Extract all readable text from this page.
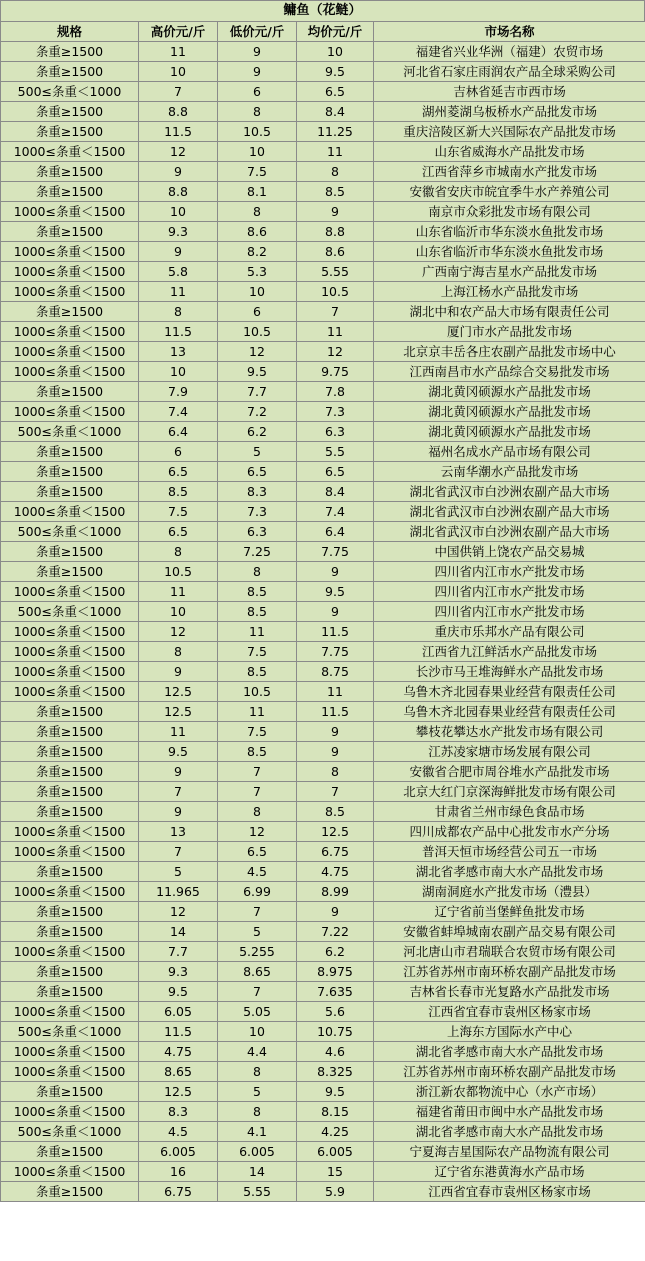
鳙鱼（花鲢）
规格	高价元/斤	低价元/斤	均价元/斤	市场名称
条重≥1500	11	9	10	福建省兴业华洲（福建）农贸市场
条重≥1500	10	9	9.5	河北省石家庄雨润农产品全球采购公司
500≤条重＜1000	7	6	6.5	吉林省延吉市西市场
条重≥1500	8.8	8	8.4	湖州菱湖乌板桥水产品批发市场
条重≥1500	11.5	10.5	11.25	重庆涪陵区新大兴国际农产品批发市场
1000≤条重＜1500	12	10	11	山东省威海水产品批发市场
条重≥1500	9	7.5	8	江西省萍乡市城南水产批发市场
条重≥1500	8.8	8.1	8.5	安徽省安庆市皖宜季牛水产养殖公司
1000≤条重＜1500	10	8	9	南京市众彩批发市场有限公司
条重≥1500	9.3	8.6	8.8	山东省临沂市华东淡水鱼批发市场
1000≤条重＜1500	9	8.2	8.6	山东省临沂市华东淡水鱼批发市场
1000≤条重＜1500	5.8	5.3	5.55	广西南宁海吉星水产品批发市场
1000≤条重＜1500	11	10	10.5	上海江杨水产品批发市场
条重≥1500	8	6	7	湖北中和农产品大市场有限责任公司
1000≤条重＜1500	11.5	10.5	11	厦门市水产品批发市场
1000≤条重＜1500	13	12	12	北京京丰岳各庄农副产品批发市场中心
1000≤条重＜1500	10	9.5	9.75	江西南昌市水产品综合交易批发市场
条重≥1500	7.9	7.7	7.8	湖北黄冈硕源水产品批发市场
1000≤条重＜1500	7.4	7.2	7.3	湖北黄冈硕源水产品批发市场
500≤条重＜1000	6.4	6.2	6.3	湖北黄冈硕源水产品批发市场
条重≥1500	6	5	5.5	福州名成水产品市场有限公司
条重≥1500	6.5	6.5	6.5	云南华潮水产品批发市场
条重≥1500	8.5	8.3	8.4	湖北省武汉市白沙洲农副产品大市场
1000≤条重＜1500	7.5	7.3	7.4	湖北省武汉市白沙洲农副产品大市场
500≤条重＜1000	6.5	6.3	6.4	湖北省武汉市白沙洲农副产品大市场
条重≥1500	8	7.25	7.75	中国供销上饶农产品交易城
条重≥1500	10.5	8	9	四川省内江市水产批发市场
1000≤条重＜1500	11	8.5	9.5	四川省内江市水产批发市场
500≤条重＜1000	10	8.5	9	四川省内江市水产批发市场
1000≤条重＜1500	12	11	11.5	重庆市乐邦水产品有限公司
1000≤条重＜1500	8	7.5	7.75	江西省九江鲜活水产品批发市场
1000≤条重＜1500	9	8.5	8.75	长沙市马王堆海鲜水产品批发市场
1000≤条重＜1500	12.5	10.5	11	乌鲁木齐北园春果业经营有限责任公司
条重≥1500	12.5	11	11.5	乌鲁木齐北园春果业经营有限责任公司
条重≥1500	11	7.5	9	攀枝花攀达水产批发市场有限公司
条重≥1500	9.5	8.5	9	江苏凌家塘市场发展有限公司
条重≥1500	9	7	8	安徽省合肥市周谷堆水产品批发市场
条重≥1500	7	7	7	北京大红门京深海鲜批发市场有限公司
条重≥1500	9	8	8.5	甘肃省兰州市绿色食品市场
1000≤条重＜1500	13	12	12.5	四川成都农产品中心批发市水产分场
1000≤条重＜1500	7	6.5	6.75	普洱天恒市场经营公司五一市场
条重≥1500	5	4.5	4.75	湖北省孝感市南大水产品批发市场
1000≤条重＜1500	11.965	6.99	8.99	湖南洞庭水产批发市场（澧县）
条重≥1500	12	7	9	辽宁省前当堡鲜鱼批发市场
条重≥1500	14	5	7.22	安徽省蚌埠城南农副产品交易有限公司
1000≤条重＜1500	7.7	5.255	6.2	河北唐山市君瑞联合农贸市场有限公司
条重≥1500	9.3	8.65	8.975	江苏省苏州市南环桥农副产品批发市场
条重≥1500	9.5	7	7.635	吉林省长春市光复路水产品批发市场
1000≤条重＜1500	6.05	5.05	5.6	江西省宜春市袁州区杨家市场
500≤条重＜1000	11.5	10	10.75	上海东方国际水产中心
1000≤条重＜1500	4.75	4.4	4.6	湖北省孝感市南大水产品批发市场
1000≤条重＜1500	8.65	8	8.325	江苏省苏州市南环桥农副产品批发市场
条重≥1500	12.5	5	9.5	浙江新农都物流中心（水产市场）
1000≤条重＜1500	8.3	8	8.15	福建省莆田市闽中水产品批发市场
500≤条重＜1000	4.5	4.1	4.25	湖北省孝感市南大水产品批发市场
条重≥1500	6.005	6.005	6.005	宁夏海吉星国际农产品物流有限公司
1000≤条重＜1500	16	14	15	辽宁省东港黄海水产品市场
条重≥1500	6.75	5.55	5.9	江西省宜春市袁州区杨家市场
